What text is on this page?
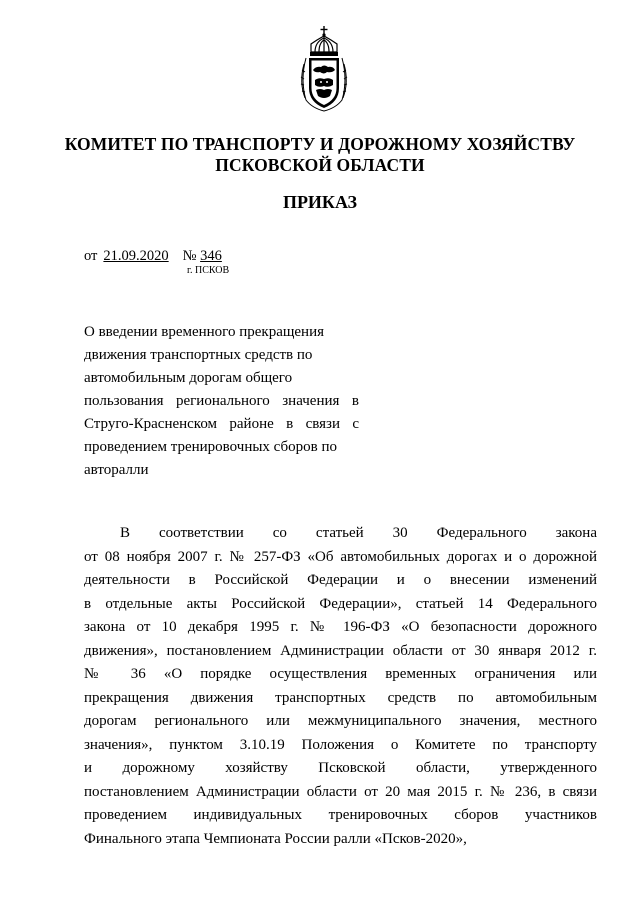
КОМИТЕТ ПО ТРАНСПОРТУ И ДОРОЖНОМУ ХОЗЯЙСТВУ
ПСКОВСКОЙ ОБЛАСТИ
ПРИКАЗ
от 21.09.2020 № 346
г. ПСКОВ
О введении временного прекращения
движения транспортных средств по
автомобильным дорогам общего
пользования регионального значения в
Струго-Красненском районе в связи с
проведением тренировочных сборов по
авторалли
В соответствии со статьей 30 Федерального закона
от 08 ноября 2007 г. № 257-ФЗ «Об автомобильных дорогах и о дорожной
деятельности в Российской Федерации и о внесении изменений
в отдельные акты Российской Федерации», статьей 14 Федерального
закона от 10 декабря 1995 г. № 196-ФЗ «О безопасности дорожного
движения», постановлением Администрации области от 30 января 2012 г.
№ 36 «О порядке осуществления временных ограничения или
прекращения движения транспортных средств по автомобильным
дорогам регионального или межмуниципального значения, местного
значения», пунктом 3.10.19 Положения о Комитете по транспорту
и дорожному хозяйству Псковской области, утвержденного
постановлением Администрации области от 20 мая 2015 г. № 236, в связи
проведением индивидуальных тренировочных сборов участников
Финального этапа Чемпионата России ралли «Псков-2020»,
